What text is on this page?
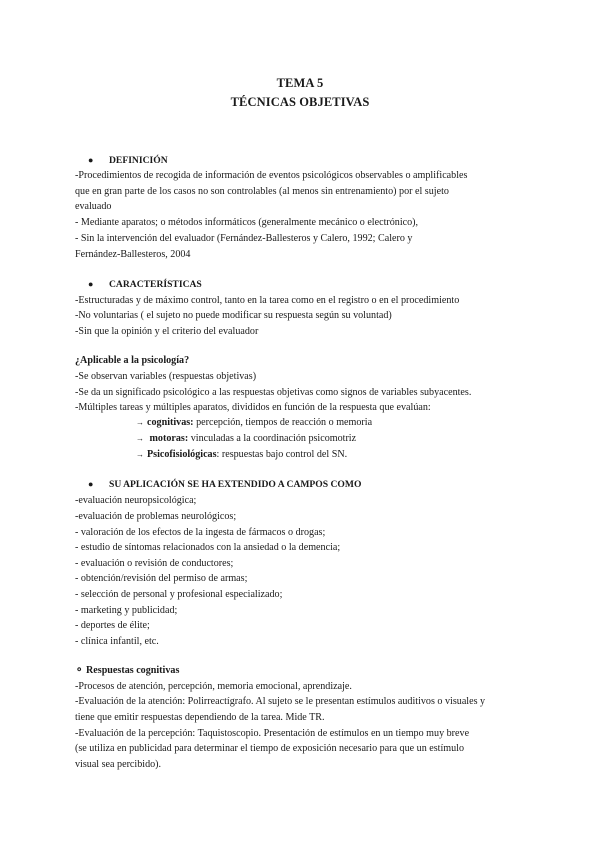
TEMA 5
TÉCNICAS OBJETIVAS
● DEFINICIÓN
-Procedimientos de recogida de información de eventos psicológicos observables o amplificables
que en gran parte de los casos no son controlables (al menos sin entrenamiento) por el sujeto
evaluado
- Mediante aparatos; o métodos informáticos (generalmente mecánico o electrónico),
- Sin la intervención del evaluador (Fernández-Ballesteros y Calero, 1992; Calero y
Fernández-Ballesteros, 2004
● CARACTERÍSTICAS
-Estructuradas y de máximo control, tanto en la tarea como en el registro o en el procedimiento
-No voluntarias ( el sujeto no puede modificar su respuesta según su voluntad)
-Sin que la opinión y el criterio del evaluador
¿Aplicable a la psicología?
-Se observan variables (respuestas objetivas)
-Se da un significado psicológico a las respuestas objetivas como signos de variables subyacentes.
-Múltiples tareas y múltiples aparatos, divididos en función de la respuesta que evalúan:
→ cognitivas: percepción, tiempos de reacción o memoria
→ motoras: vinculadas a la coordinación psicomotriz
→ Psicofisiológicas: respuestas bajo control del SN.
● SU APLICACIÓN SE HA EXTENDIDO A CAMPOS COMO
-evaluación neuropsicológica;
-evaluación de problemas neurológicos;
- valoración de los efectos de la ingesta de fármacos o drogas;
- estudio de síntomas relacionados con la ansiedad o la demencia;
- evaluación o revisión de conductores;
- obtención/revisión del permiso de armas;
- selección de personal y profesional especializado;
- marketing y publicidad;
- deportes de élite;
- clínica infantil, etc.
⚬ Respuestas cognitivas
-Procesos de atención, percepción, memoria emocional, aprendizaje.
-Evaluación de la atención: Polirreactígrafo. Al sujeto se le presentan estímulos auditivos o visuales y
tiene que emitir respuestas dependiendo de la tarea. Mide TR.
-Evaluación de la percepción: Taquistoscopio. Presentación de estímulos en un tiempo muy breve
(se utiliza en publicidad para determinar el tiempo de exposición necesario para que un estímulo
visual sea percibido).
